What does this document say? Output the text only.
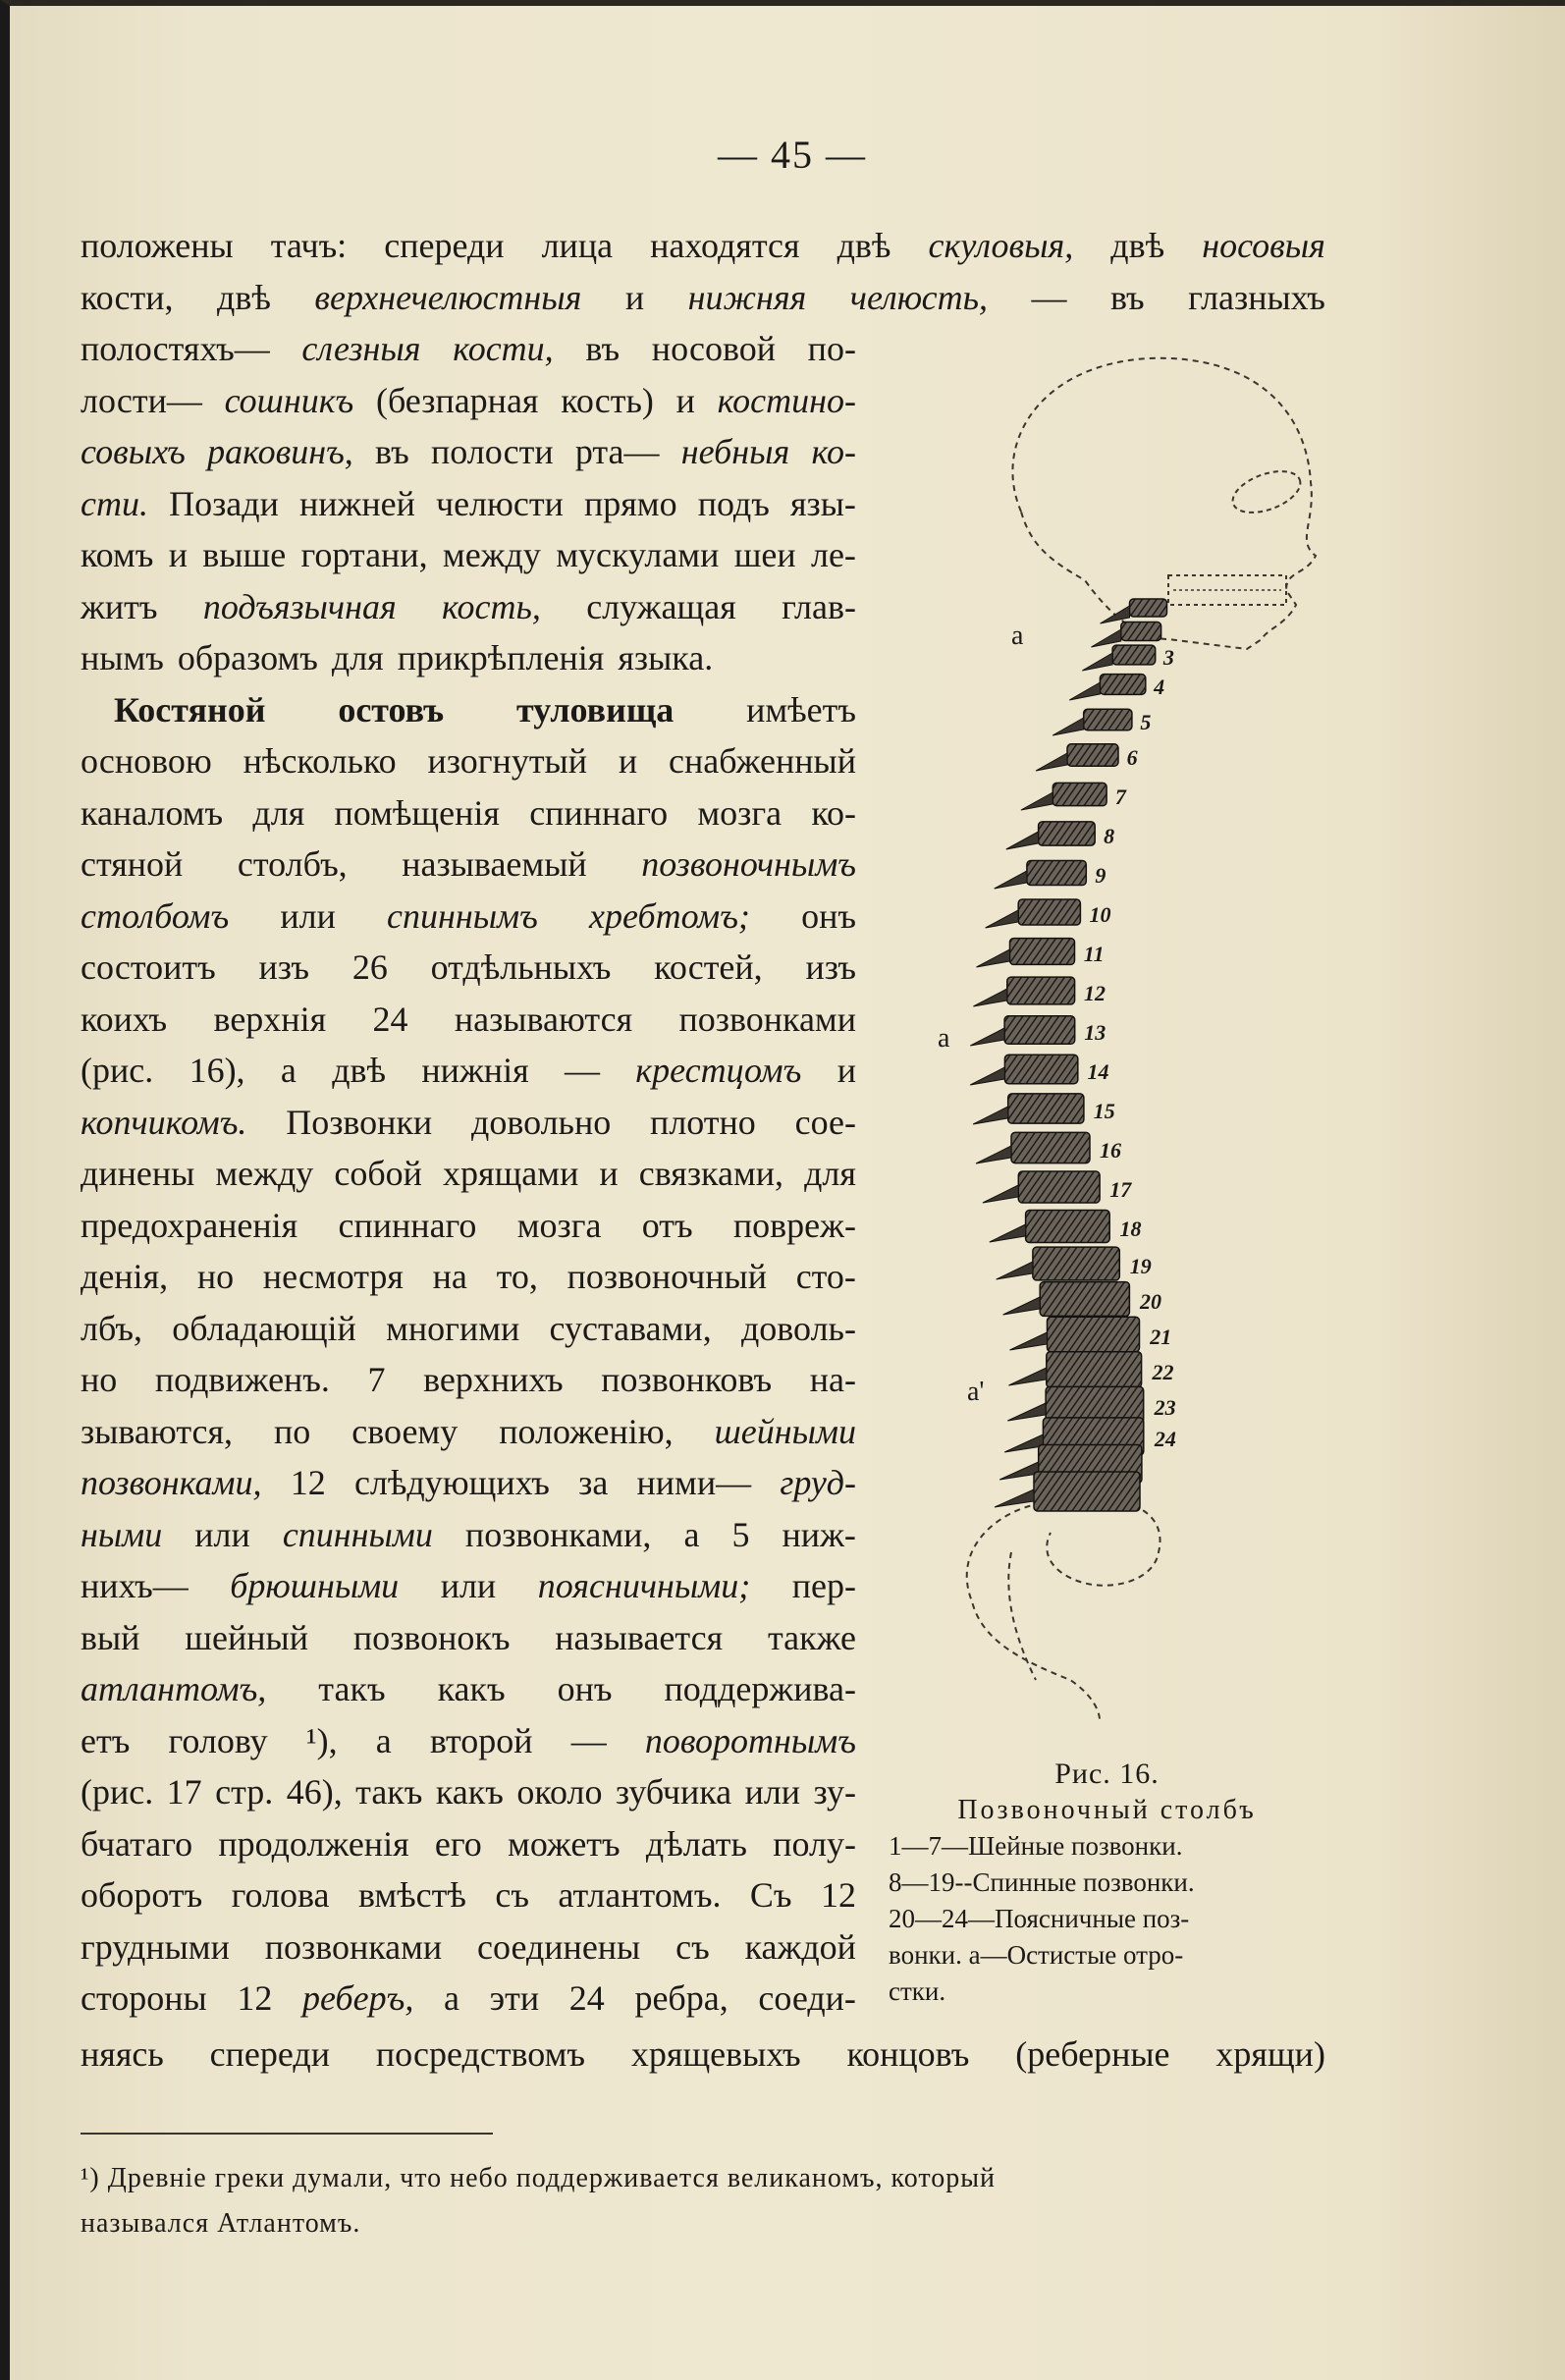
— 45 —
положены тачъ: спереди лица находятся двѣ скуловыя, двѣ носовыя
кости, двѣ верхнечелюстныя и нижняя челюсть, — въ глазныхъ
полостяхъ— слезныя кости, въ носовой по-
лости— сошникъ (безпарная кость) и костино-
совыхъ раковинъ, въ полости рта— небныя ко-
сти. Позади нижней челюсти прямо подъ язы-
комъ и выше гортани, между мускулами шеи ле-
житъ подъязычная кость, служащая глав-
нымъ образомъ для прикрѣпленія языка.
Костяной остовъ туловища имѣетъ
основою нѣсколько изогнутый и снабженный
каналомъ для помѣщенія спиннаго мозга ко-
стяной столбъ, называемый позвоночнымъ
столбомъ или спиннымъ хребтомъ; онъ
состоитъ изъ 26 отдѣльныхъ костей, изъ
коихъ верхнія 24 называются позвонками
(рис. 16), а двѣ нижнія — крестцомъ и
копчикомъ. Позвонки довольно плотно сое-
динены между собой хрящами и связками, для
предохраненія спиннаго мозга отъ повреж-
денія, но несмотря на то, позвоночный сто-
лбъ, обладающій многими суставами, доволь-
но подвиженъ. 7 верхнихъ позвонковъ на-
зываются, по своему положенію, шейными
позвонками, 12 слѣдующихъ за ними— груд-
ными или спинными позвонками, а 5 ниж-
нихъ— брюшными или поясничными; пер-
вый шейный позвонокъ называется также
атлантомъ, такъ какъ онъ поддержива-
етъ голову ¹), а второй — поворотнымъ
(рис. 17 стр. 46), такъ какъ около зубчика или зу-
бчатаго продолженія его можетъ дѣлать полу-
оборотъ голова вмѣстѣ съ атлантомъ. Съ 12
грудными позвонками соединены съ каждой
стороны 12 реберъ, а эти 24 ребра, соеди-
няясь спереди посредствомъ хрящевыхъ концовъ (реберные хрящи)
3
4
5
6
7
8
9
10
11
12
13
14
15
16
17
18
19
20
21
22
23
24
a
a
a'
Рис. 16.
Позвоночный столбъ
1—7—Шейные позвонки.
8—19--Спинные позвонки.
20—24—Поясничные поз-
вонки. а—Остистые отро-
стки.
¹) Древніе греки думали, что небо поддерживается великаномъ, который
назывался Атлантомъ.
